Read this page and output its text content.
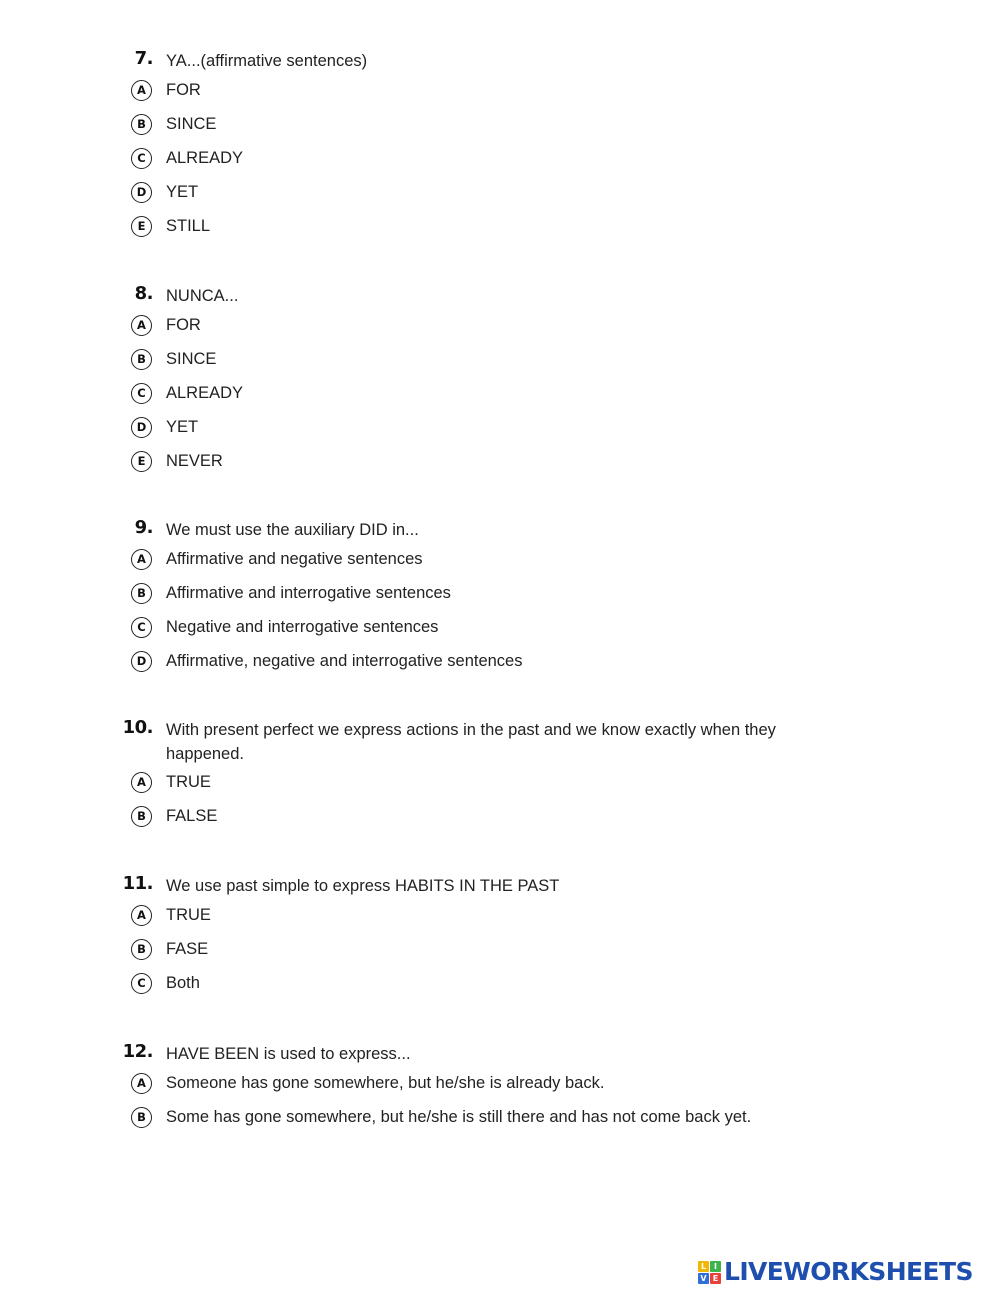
7. YA...(affirmative sentences)
A	FOR
B	SINCE
C	ALREADY
D	YET
E	STILL
8. NUNCA...
A	FOR
B	SINCE
C	ALREADY
D	YET
E	NEVER
9. We must use the auxiliary DID in...
A	Affirmative and negative sentences
B	Affirmative and interrogative sentences
C	Negative and interrogative sentences
D	Affirmative, negative and interrogative sentences
10. With present perfect we express actions in the past and we know exactly when they happened.
A	TRUE
B	FALSE
11. We use past simple to express HABITS IN THE PAST
A	TRUE
B	FASE
C	Both
12. HAVE BEEN is used to express...
A	Someone has gone somewhere, but he/she is already back.
B	Some has gone somewhere, but he/she is still there and has not come back yet.
L I
V E LIVEWORKSHEETS
